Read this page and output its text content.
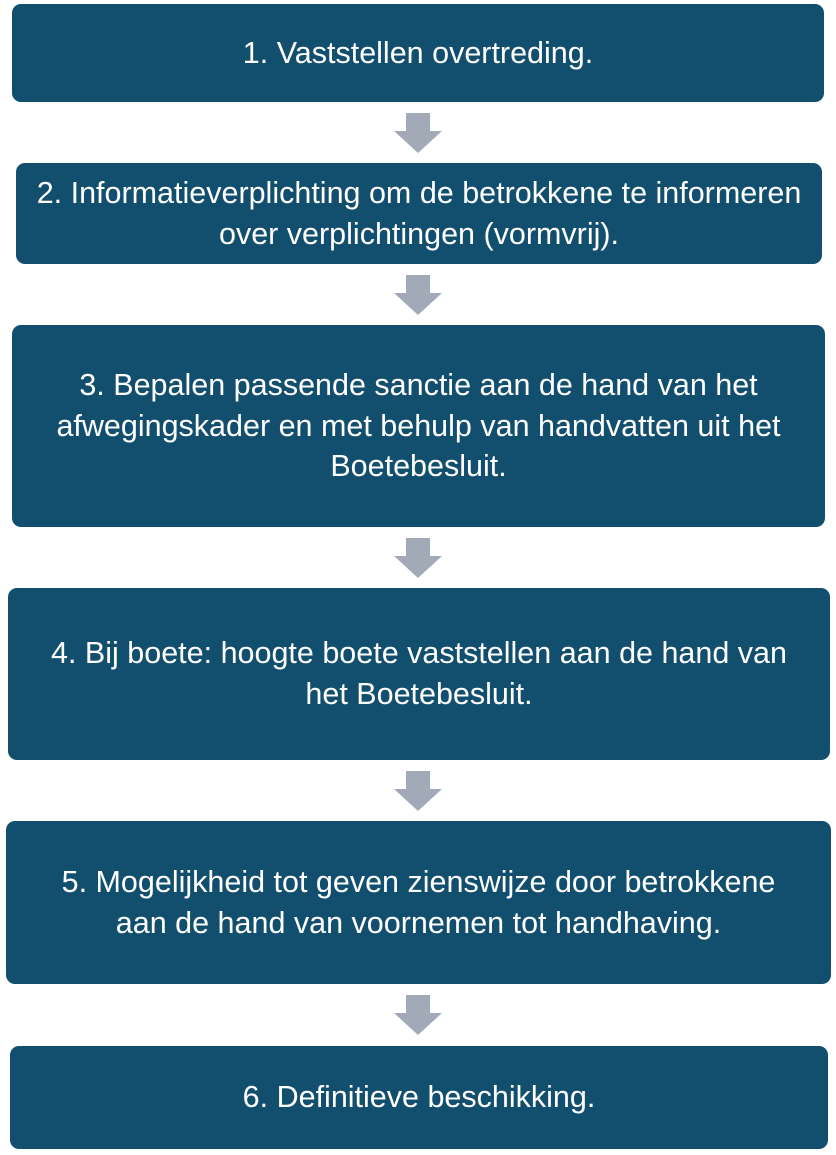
1. Vaststellen overtreding.
2. Informatieverplichting om de betrokkene te informeren over verplichtingen (vormvrij).
3. Bepalen passende sanctie aan de hand van het afwegingskader en met behulp van handvatten uit het Boetebesluit.
4. Bij boete: hoogte boete vaststellen aan de hand van het Boetebesluit.
5. Mogelijkheid tot geven zienswijze door betrokkene aan de hand van voornemen tot handhaving.
6. Definitieve beschikking.
